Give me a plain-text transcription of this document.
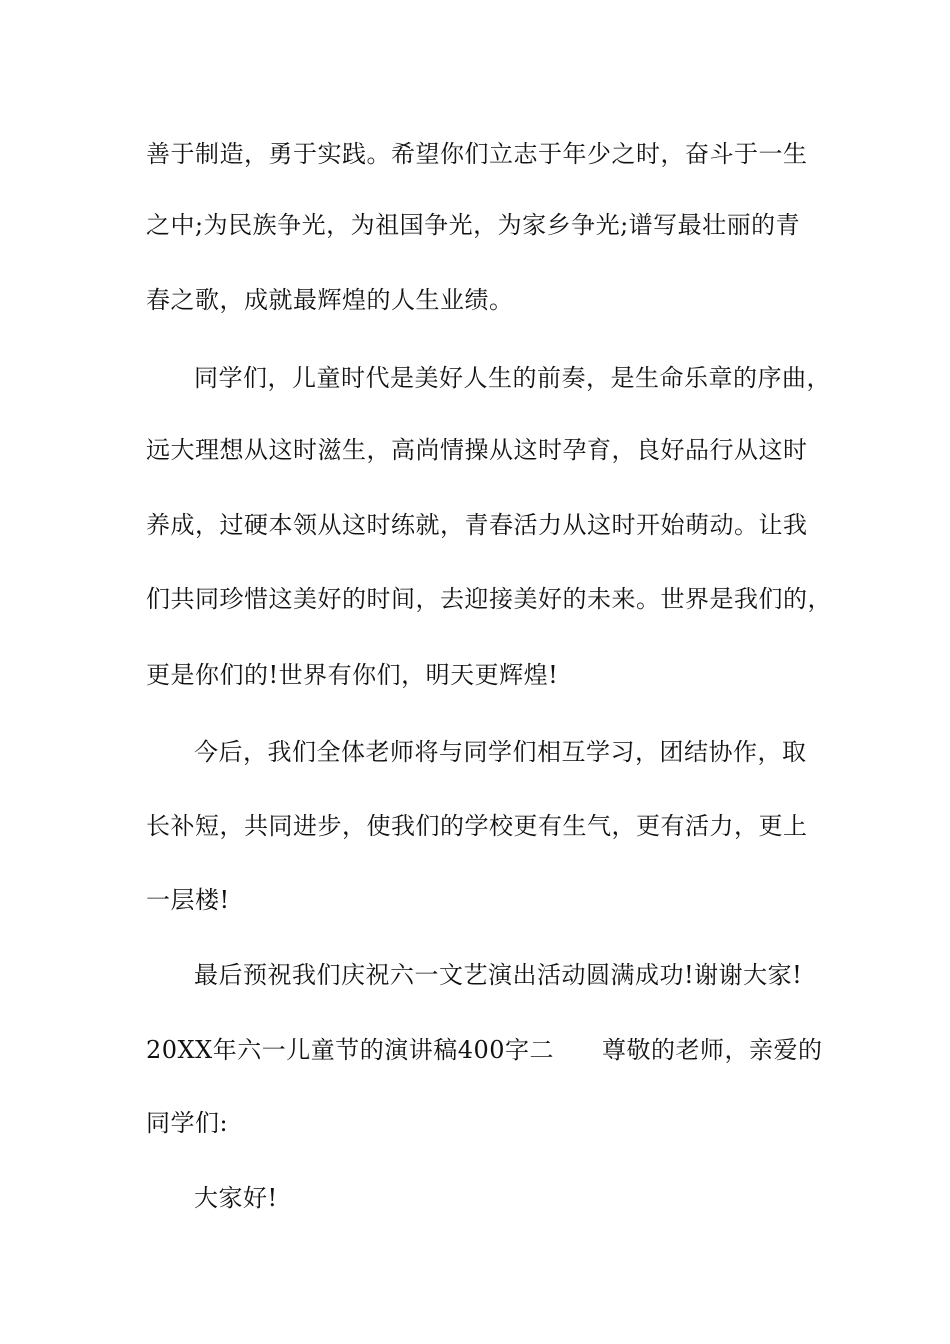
善于制造，勇于实践。希望你们立志于年少之时，奋斗于一生
之中;为民族争光，为祖国争光，为家乡争光;谱写最壮丽的青
春之歌，成就最辉煌的人生业绩。
同学们，儿童时代是美好人生的前奏，是生命乐章的序曲，
远大理想从这时滋生，高尚情操从这时孕育，良好品行从这时
养成，过硬本领从这时练就，青春活力从这时开始萌动。让我
们共同珍惜这美好的时间，去迎接美好的未来。世界是我们的，
更是你们的!世界有你们，明天更辉煌!
今后，我们全体老师将与同学们相互学习，团结协作，取
长补短，共同进步，使我们的学校更有生气，更有活力，更上
一层楼!
最后预祝我们庆祝六一文艺演出活动圆满成功!谢谢大家!
20XX年六一儿童节的演讲稿400字二 尊敬的老师，亲爱的
同学们:
大家好!
